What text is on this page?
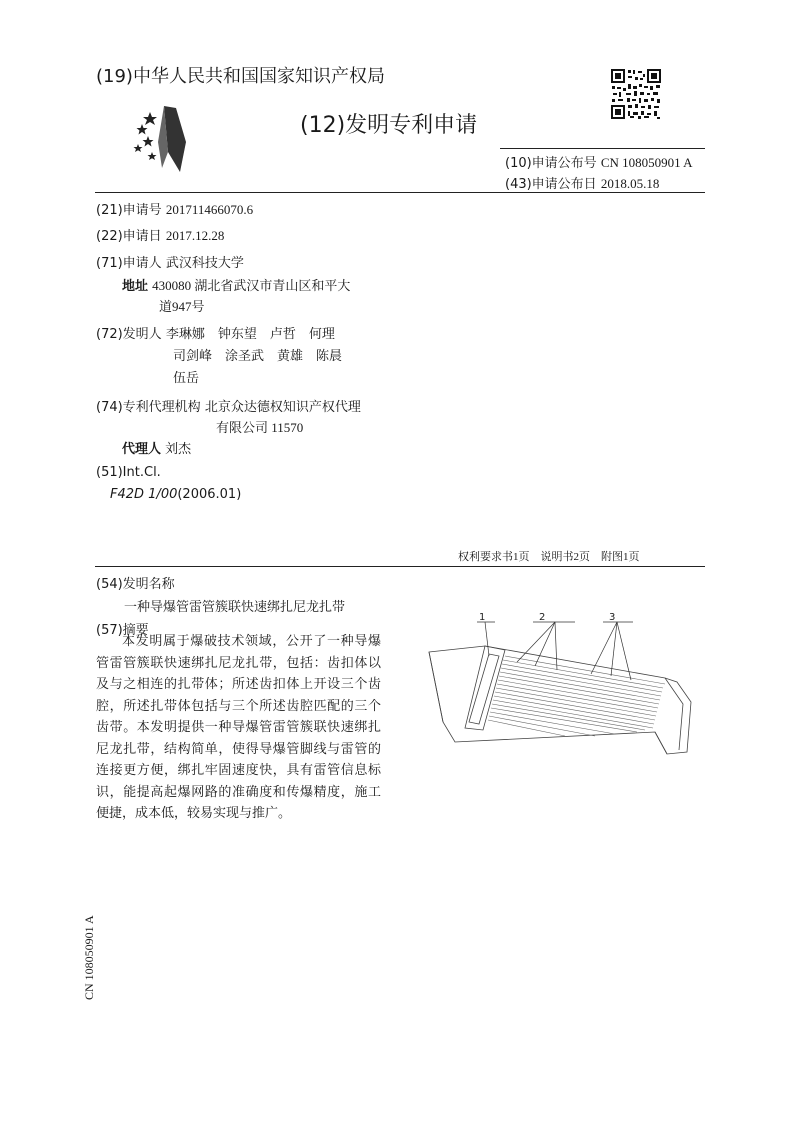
(19)中华人民共和国国家知识产权局
(12)发明专利申请
(10)申请公布号 CN 108050901 A
(43)申请公布日 2018.05.18
(21)申请号 201711466070.6
(22)申请日 2017.12.28
(71)申请人 武汉科技大学
地址 430080 湖北省武汉市青山区和平大
道947号
(72)发明人 李琳娜　钟东望　卢哲　何理
司剑峰　涂圣武　黄雄　陈晨
伍岳
(74)专利代理机构 北京众达德权知识产权代理
有限公司 11570
代理人 刘杰
(51)Int.Cl.
F42D 1/00(2006.01)
权利要求书1页　说明书2页　附图1页
(54)发明名称
一种导爆管雷管簇联快速绑扎尼龙扎带
(57)摘要

本发明属于爆破技术领域，公开了一种导爆管雷管簇联快速绑扎尼龙扎带，包括：齿扣体以及与之相连的扎带体；所述齿扣体上开设三个齿腔，所述扎带体包括与三个所述齿腔匹配的三个齿带。本发明提供一种导爆管雷管簇联快速绑扎尼龙扎带，结构简单，使得导爆管脚线与雷管的连接更方便，绑扎牢固速度快，具有雷管信息标识，能提高起爆网路的准确度和传爆精度，施工便捷，成本低，较易实现与推广。

1	2	3
CN 108050901 A
